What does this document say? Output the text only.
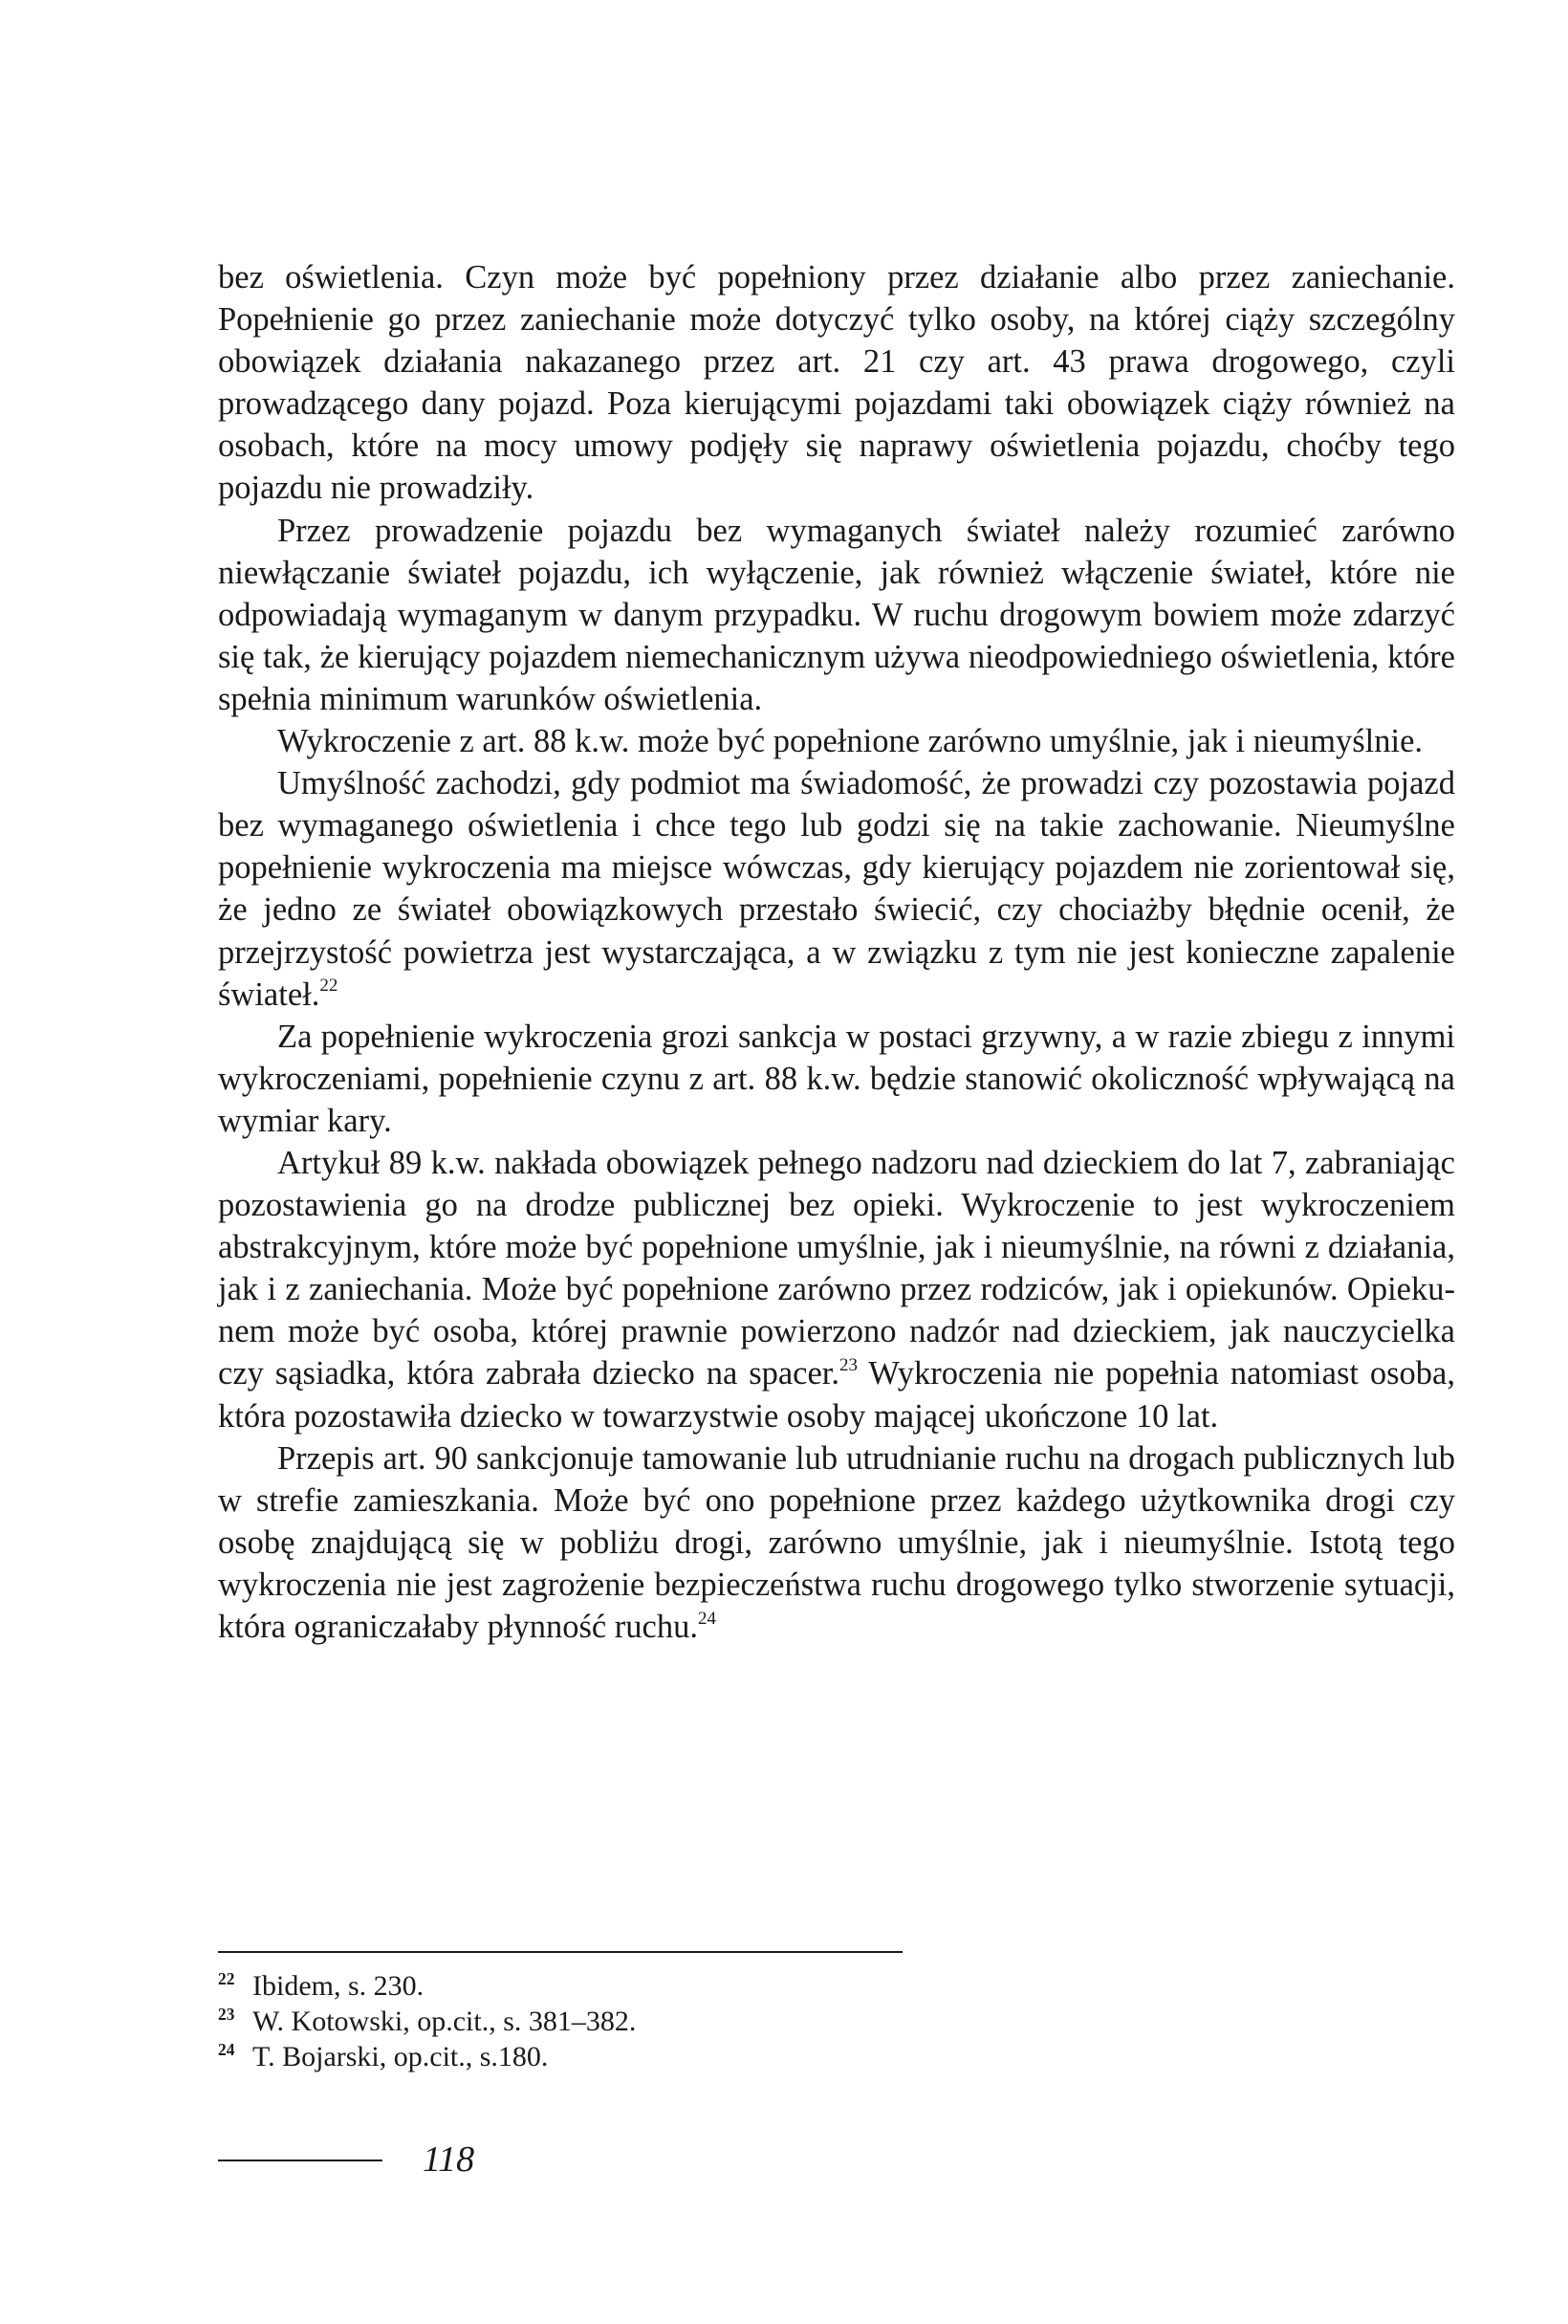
bez oświetlenia. Czyn może być popełniony przez działanie albo przez zaniechanie. Popełnienie go przez zaniechanie może dotyczyć tylko osoby, na której ciąży szczególny obowiązek działania nakazanego przez art. 21 czy art. 43 prawa drogowego, czyli prowadzącego dany pojazd. Poza kierującymi pojazdami taki obowiązek ciąży również na osobach, które na mocy umowy podjęły się naprawy oświetlenia pojazdu, choćby tego pojazdu nie prowadziły.

Przez prowadzenie pojazdu bez wymaganych świateł należy rozumieć zarówno niewłączanie świateł pojazdu, ich wyłączenie, jak również włączenie świateł, które nie odpowiadają wymaganym w danym przypadku. W ruchu drogowym bowiem może zdarzyć się tak, że kierujący pojazdem niemechanicznym używa nieodpowiedniego oświetlenia, które spełnia minimum warunków oświetlenia.

Wykroczenie z art. 88 k.w. może być popełnione zarówno umyślnie, jak i nieumyślnie.

Umyślność zachodzi, gdy podmiot ma świadomość, że prowadzi czy pozostawia pojazd bez wymaganego oświetlenia i chce tego lub godzi się na takie zachowanie. Nieumyślne popełnienie wykroczenia ma miejsce wówczas, gdy kierujący pojazdem nie zorientował się, że jedno ze świateł obowiązkowych przestało świecić, czy chociażby błędnie ocenił, że przejrzystość powietrza jest wystarczająca, a w związku z tym nie jest konieczne zapalenie świateł.$^{22}$

Za popełnienie wykroczenia grozi sankcja w postaci grzywny, a w razie zbiegu z innymi wykroczeniami, popełnienie czynu z art. 88 k.w. będzie stanowić okoliczność wpływającą na wymiar kary.

Artykuł 89 k.w. nakłada obowiązek pełnego nadzoru nad dzieckiem do lat 7, zabraniając pozostawienia go na drodze publicznej bez opieki. Wykroczenie to jest wykroczeniem abstrakcyjnym, które może być popełnione umyślnie, jak i nieumyślnie, na równi z działania, jak i z zaniechania. Może być popełnione zarówno przez rodziców, jak i opiekunów. Opiekunem może być osoba, której prawnie powierzono nadzór nad dzieckiem, jak nauczycielka czy sąsiadka, która zabrała dziecko na spacer.$^{23}$ Wykroczenia nie popełnia natomiast osoba, która pozostawiła dziecko w towarzystwie osoby mającej ukończone 10 lat.

Przepis art. 90 sankcjonuje tamowanie lub utrudnianie ruchu na drogach publicznych lub w strefie zamieszkania. Może być ono popełnione przez każdego użytkownika drogi czy osobę znajdującą się w pobliżu drogi, zarówno umyślnie, jak i nieumyślnie. Istotą tego wykroczenia nie jest zagrożenie bezpieczeństwa ruchu drogowego tylko stworzenie sytuacji, która ograniczałaby płynność ruchu.$^{24}$

22 Ibidem, s. 230.

23 W. Kotowski, op.cit., s. 381–382.

24 T. Bojarski, op.cit., s.180.

118
